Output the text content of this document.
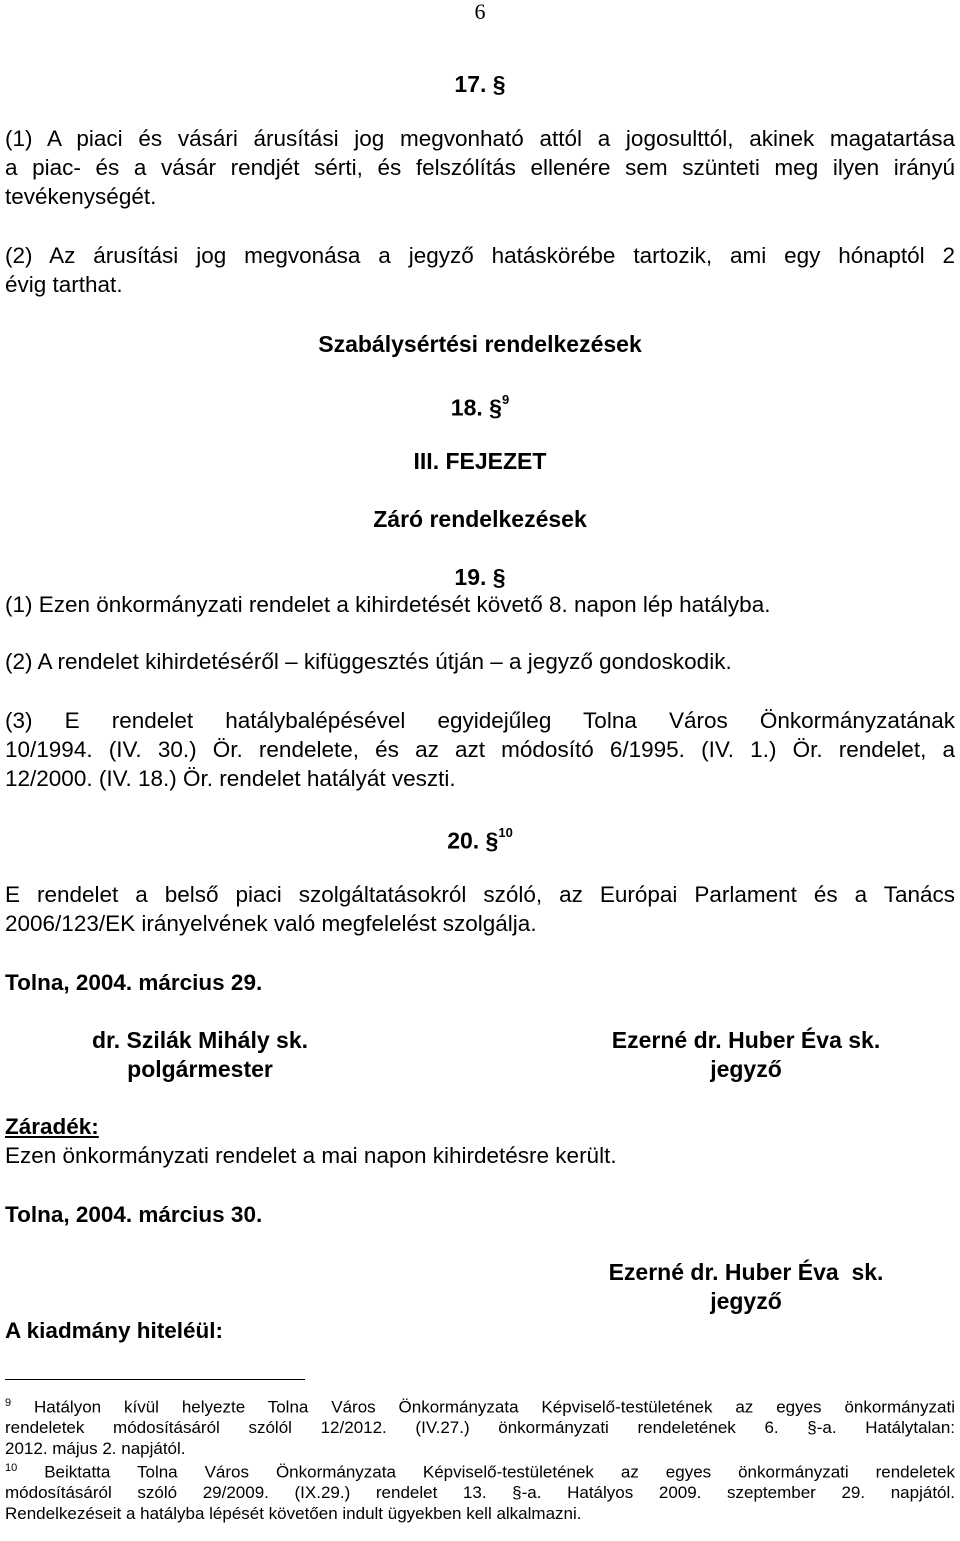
6
17. §
(1) A piaci és vásári árusítási jog megvonható attól a jogosulttól, akinek magatartása
a piac- és a vásár rendjét sérti, és felszólítás ellenére sem szünteti meg ilyen irányú
tevékenységét.
(2) Az árusítási jog megvonása a jegyző hatáskörébe tartozik, ami egy hónaptól 2
évig tarthat.
Szabálysértési rendelkezések
18. §$^9$
III. FEJEZET
Záró rendelkezések
19. §
(1) Ezen önkormányzati rendelet a kihirdetését követő 8. napon lép hatályba.
(2) A rendelet kihirdetéséről – kifüggesztés útján – a jegyző gondoskodik.
(3) E rendelet hatálybalépésével egyidejűleg Tolna Város Önkormányzatának
10/1994. (IV. 30.) Ör. rendelete, és az azt módosító 6/1995. (IV. 1.) Ör. rendelet, a
12/2000. (IV. 18.) Ör. rendelet hatályát veszti.
20. §$^{10}$
E rendelet a belső piaci szolgáltatásokról szóló, az Európai Parlament és a Tanács
2006/123/EK irányelvének való megfelelést szolgálja.
Tolna, 2004. március 29.
dr. Szilák Mihály sk.
polgármester
Ezerné dr. Huber Éva sk.
jegyző
Záradék:
Ezen önkormányzati rendelet a mai napon kihirdetésre került.
Tolna, 2004. március 30.
Ezerné dr. Huber Éva  sk.
jegyző
A kiadmány hiteléül:
$^9$ Hatályon kívül helyezte Tolna Város Önkormányzata Képviselő-testületének az egyes önkormányzati
rendeletek módosításáról szólól 12/2012. (IV.27.) önkormányzati rendeletének 6. §-a. Hatálytalan:
2012. május 2. napjától.
$^{10}$ Beiktatta Tolna Város Önkormányzata Képviselő-testületének az egyes önkormányzati rendeletek
módosításáról szóló 29/2009. (IX.29.) rendelet 13. §-a. Hatályos 2009. szeptember 29. napjától.
Rendelkezéseit a hatályba lépését követően indult ügyekben kell alkalmazni.
